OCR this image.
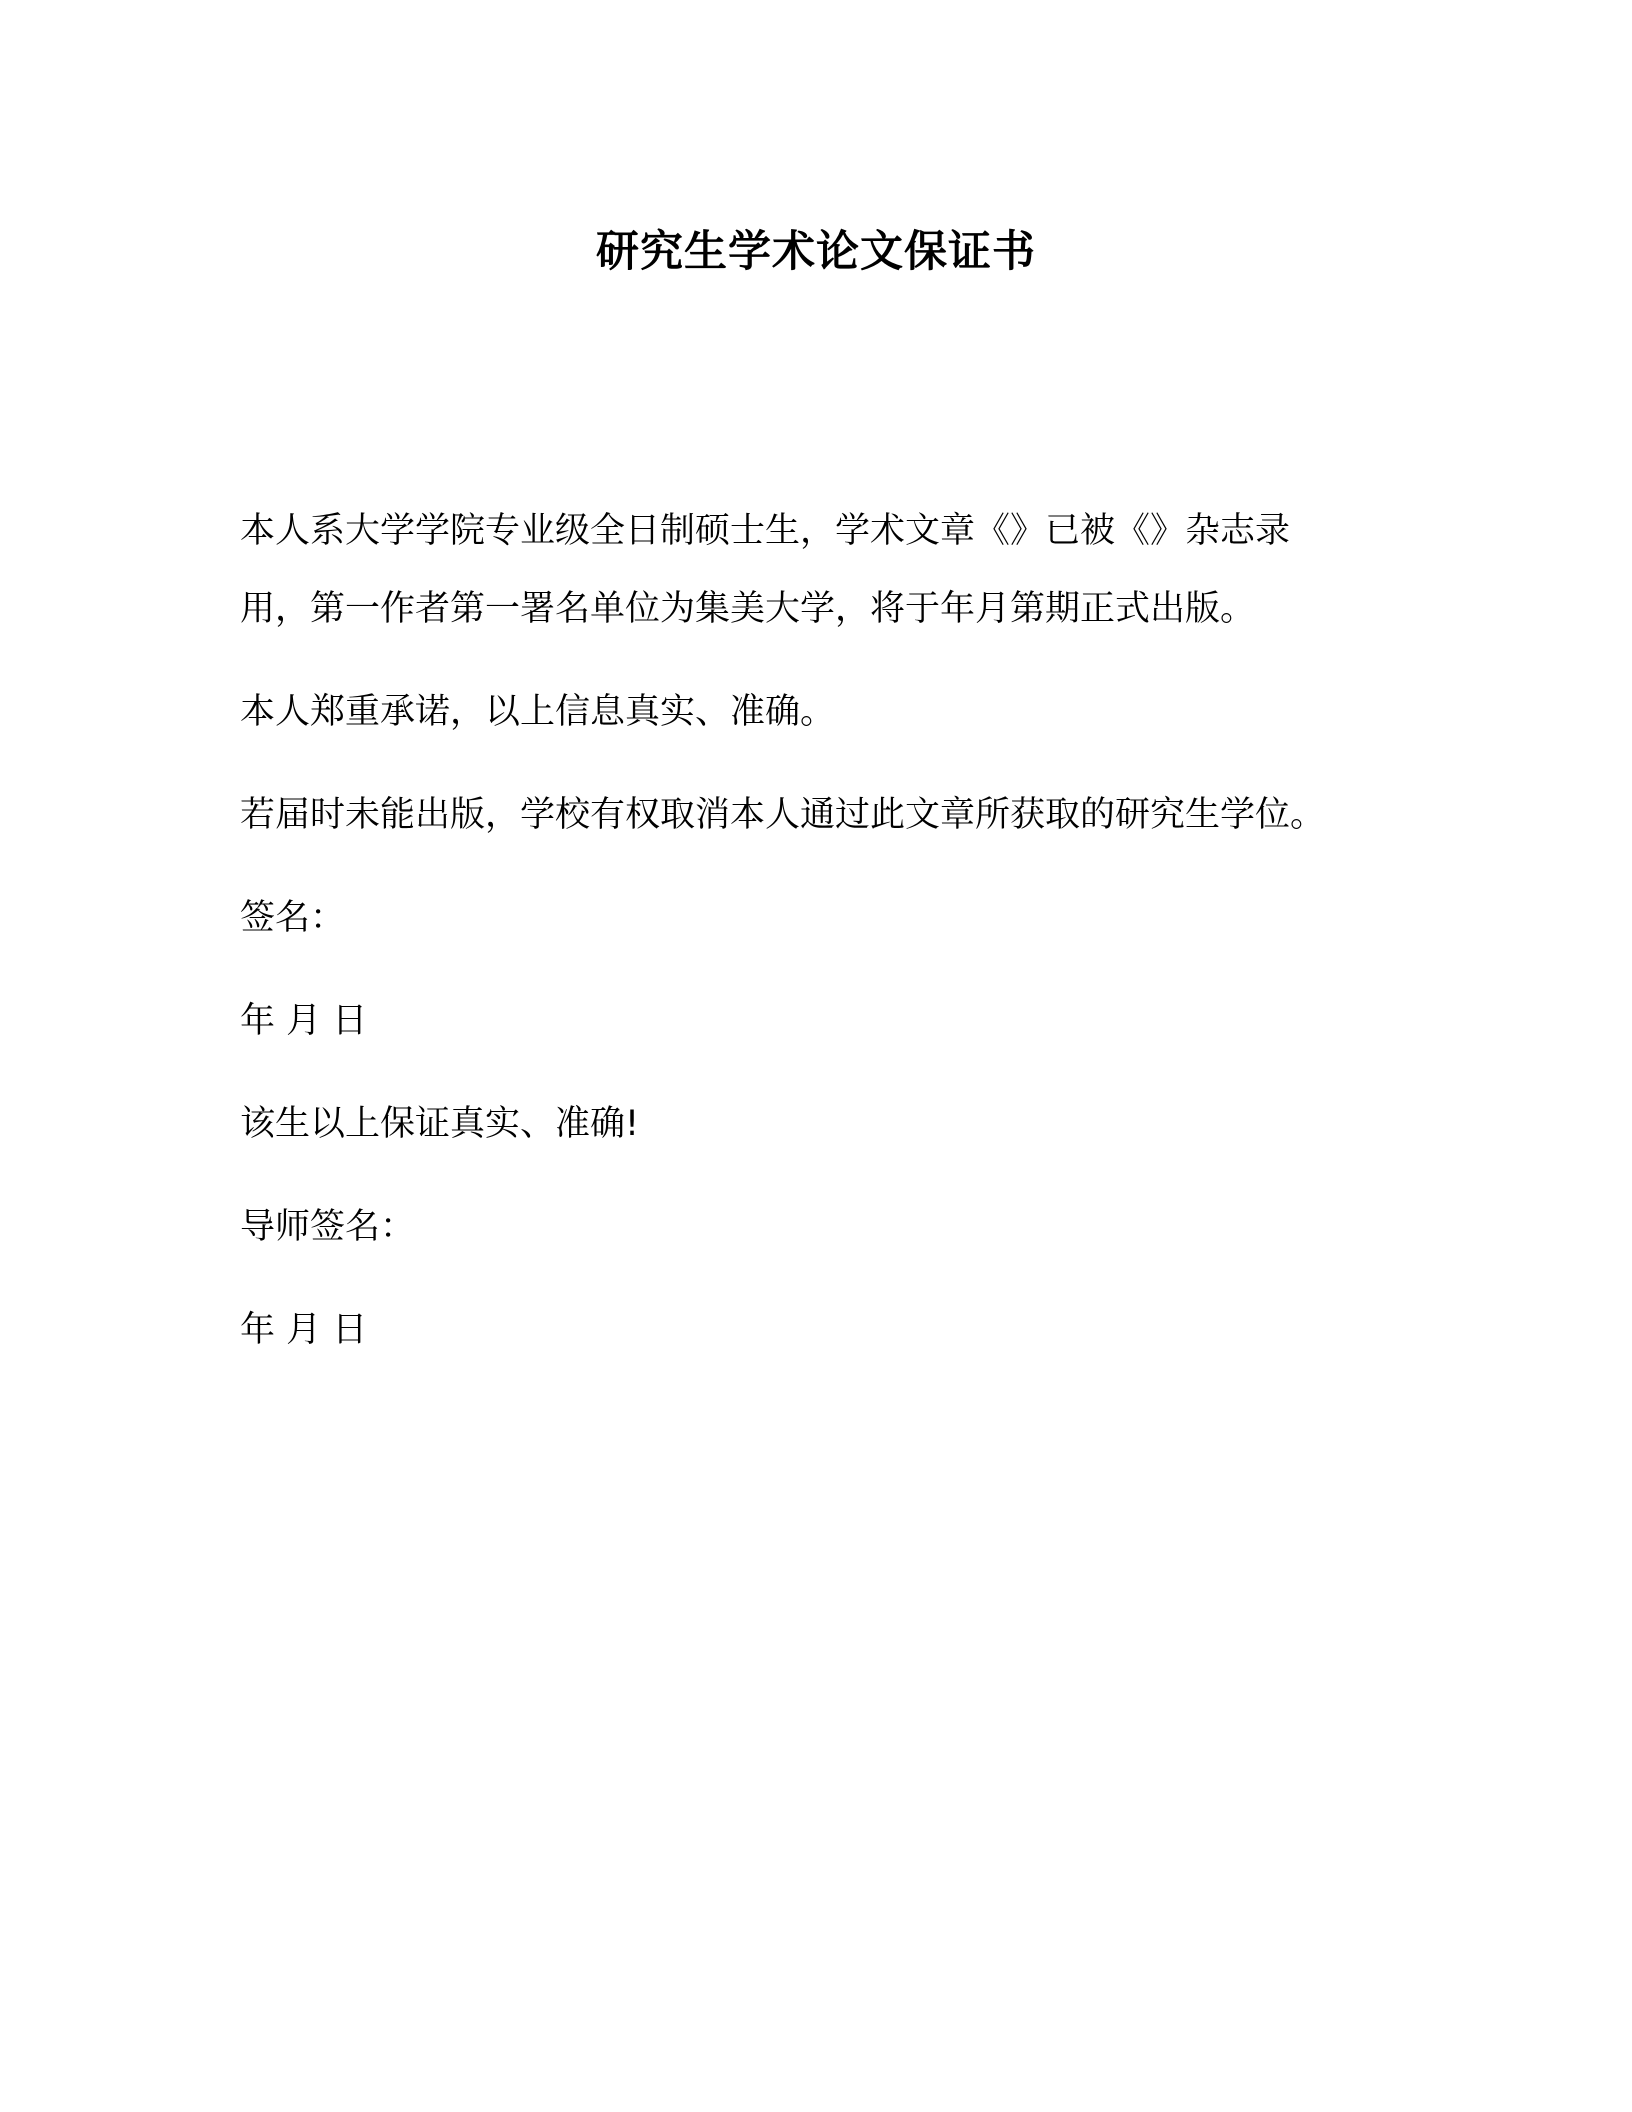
研究生学术论文保证书

本人系大学学院专业级全日制硕士生，学术文章《》已被《》杂志录
用，第一作者第一署名单位为集美大学，将于年月第期正式出版。

本人郑重承诺，以上信息真实、准确。

若届时未能出版，学校有权取消本人通过此文章所获取的研究生学位。

签名：

年 月 日

该生以上保证真实、准确!

导师签名：

年 月 日
